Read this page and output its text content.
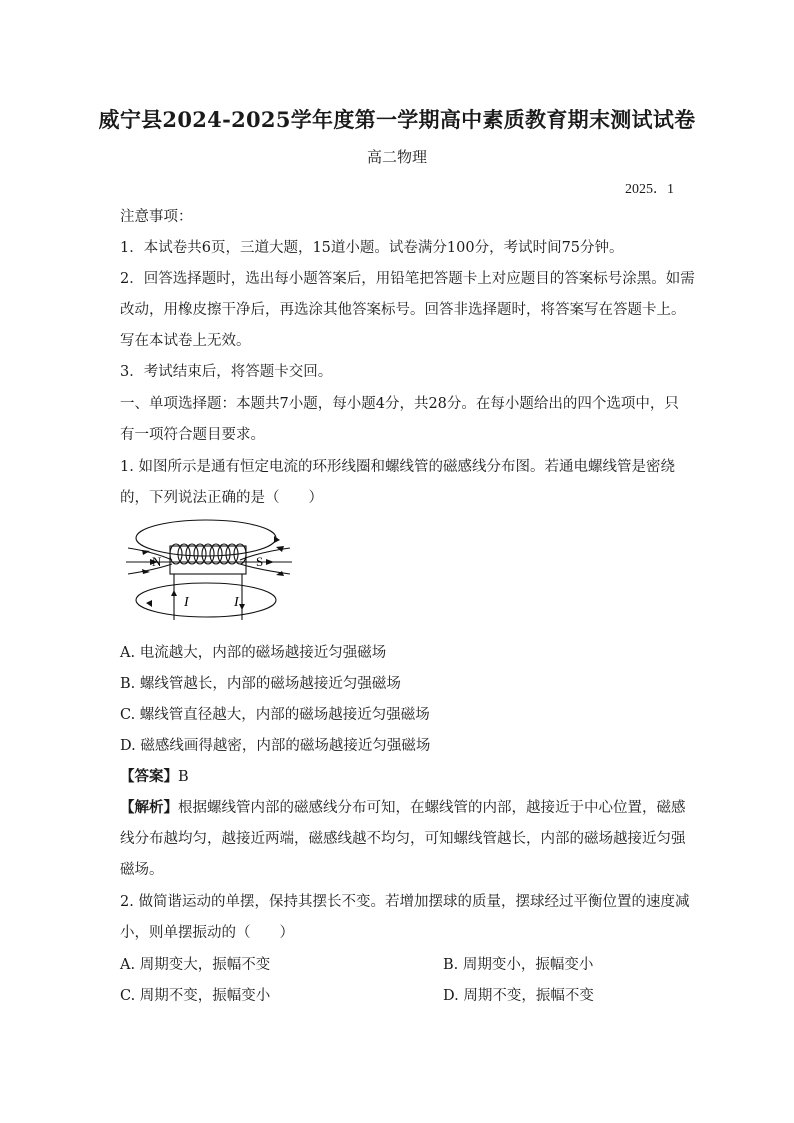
威宁县2024-2025学年度第一学期高中素质教育期末测试试卷
高二物理
2025．1
注意事项：
1．本试卷共6页，三道大题，15道小题。试卷满分100分，考试时间75分钟。
2．回答选择题时，选出每小题答案后，用铅笔把答题卡上对应题目的答案标号涂黑。如需
改动，用橡皮擦干净后，再选涂其他答案标号。回答非选择题时，将答案写在答题卡上。
写在本试卷上无效。
3．考试结束后，将答题卡交回。
一、单项选择题：本题共7小题，每小题4分，共28分。在每小题给出的四个选项中，只
有一项符合题目要求。
1. 如图所示是通有恒定电流的环形线圈和螺线管的磁感线分布图。若通电螺线管是密绕
的，下列说法正确的是（　　）
N	S
I	I
A. 电流越大，内部的磁场越接近匀强磁场
B. 螺线管越长，内部的磁场越接近匀强磁场
C. 螺线管直径越大，内部的磁场越接近匀强磁场
D. 磁感线画得越密，内部的磁场越接近匀强磁场
【答案】B
【解析】根据螺线管内部的磁感线分布可知，在螺线管的内部，越接近于中心位置，磁感
线分布越均匀，越接近两端，磁感线越不均匀，可知螺线管越长，内部的磁场越接近匀强
磁场。
2. 做简谐运动的单摆，保持其摆长不变。若增加摆球的质量，摆球经过平衡位置的速度减
小，则单摆振动的（　　）
A. 周期变大，振幅不变	B. 周期变小，振幅变小
C. 周期不变，振幅变小	D. 周期不变，振幅不变
